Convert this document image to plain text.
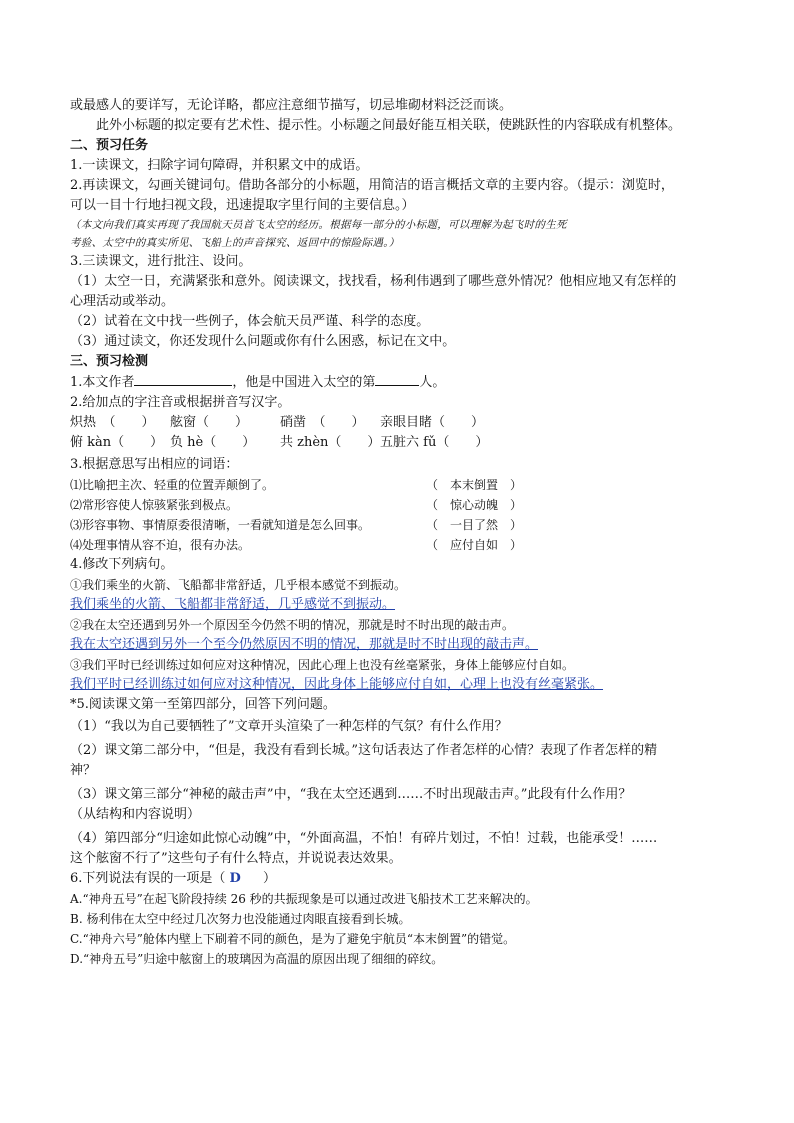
或最感人的要详写，无论详略，都应注意细节描写，切忌堆砌材料泛泛而谈。
此外小标题的拟定要有艺术性、提示性。小标题之间最好能互相关联，使跳跃性的内容联成有机整体。
二、预习任务
1.一读课文，扫除字词句障碍，并积累文中的成语。
2.再读课文，勾画关键词句。借助各部分的小标题，用简洁的语言概括文章的主要内容。（提示：浏览时，
可以一目十行地扫视文段，迅速提取字里行间的主要信息。）
（本文向我们真实再现了我国航天员首飞太空的经历。根据每一部分的小标题，可以理解为起飞时的生死
考验、太空中的真实所见、飞船上的声音探究、返回中的惊险际遇。）
3.三读课文，进行批注、设问。
（1）太空一日，充满紧张和意外。阅读课文，找找看，杨利伟遇到了哪些意外情况？他相应地又有怎样的
心理活动或举动。
（2）试着在文中找一些例子，体会航天员严谨、科学的态度。
（3）通过读文，你还发现什么问题或你有什么困惑，标记在文中。
三、预习检测
1.本文作者	，他是中国进入太空的第	人。
2.给加点的字注音或根据拼音写汉字。
炽热　（　　）	舷窗（　　）	硝凿　（　　）	亲眼目睹（　　）
俯 kàn（　　） 负 hè（　　）	共 zhèn（　　） 五脏六 fǔ（　　）
3.根据意思写出相应的词语：
⑴比喻把主次、轻重的位置弄颠倒了。	（　本末倒置　）
⑵常形容使人惊骇紧张到极点。	（　惊心动魄　）
⑶形容事物、事情原委很清晰，一看就知道是怎么回事。	（　一目了然　）
⑷处理事情从容不迫，很有办法。	（　应付自如　）
4.修改下列病句。
①我们乘坐的火箭、飞船都非常舒适，几乎根本感觉不到振动。
我们乘坐的火箭、飞船都非常舒适，几乎感觉不到振动。
②我在太空还遇到另外一个原因至今仍然不明的情况，那就是时不时出现的敲击声。
我在太空还遇到另外一个至今仍然原因不明的情况，那就是时不时出现的敲击声。
③我们平时已经训练过如何应对这种情况，因此心理上也没有丝毫紧张，身体上能够应付自如。
我们平时已经训练过如何应对这种情况，因此身体上能够应付自如，心理上也没有丝毫紧张。
*5.阅读课文第一至第四部分，回答下列问题。
（1）“我以为自己要牺牲了”文章开头渲染了一种怎样的气氛？有什么作用？
（2）课文第二部分中，“但是，我没有看到长城。”这句话表达了作者怎样的心情？表现了作者怎样的精
神？
（3）课文第三部分“神秘的敲击声”中，“我在太空还遇到……不时出现敲击声。”此段有什么作用？
（从结构和内容说明）
（4）第四部分“归途如此惊心动魄”中，“外面高温，不怕！有碎片划过，不怕！过载，也能承受！……
这个舷窗不行了”这些句子有什么特点，并说说表达效果。
6.下列说法有误的一项是（ D ）
A.“神舟五号”在起飞阶段持续 26 秒的共振现象是可以通过改进飞船技术工艺来解决的。
B. 杨利伟在太空中经过几次努力也没能通过肉眼直接看到长城。
C.“神舟六号”舱体内壁上下刷着不同的颜色，是为了避免宇航员“本末倒置”的错觉。
D.“神舟五号”归途中舷窗上的玻璃因为高温的原因出现了细细的碎纹。
